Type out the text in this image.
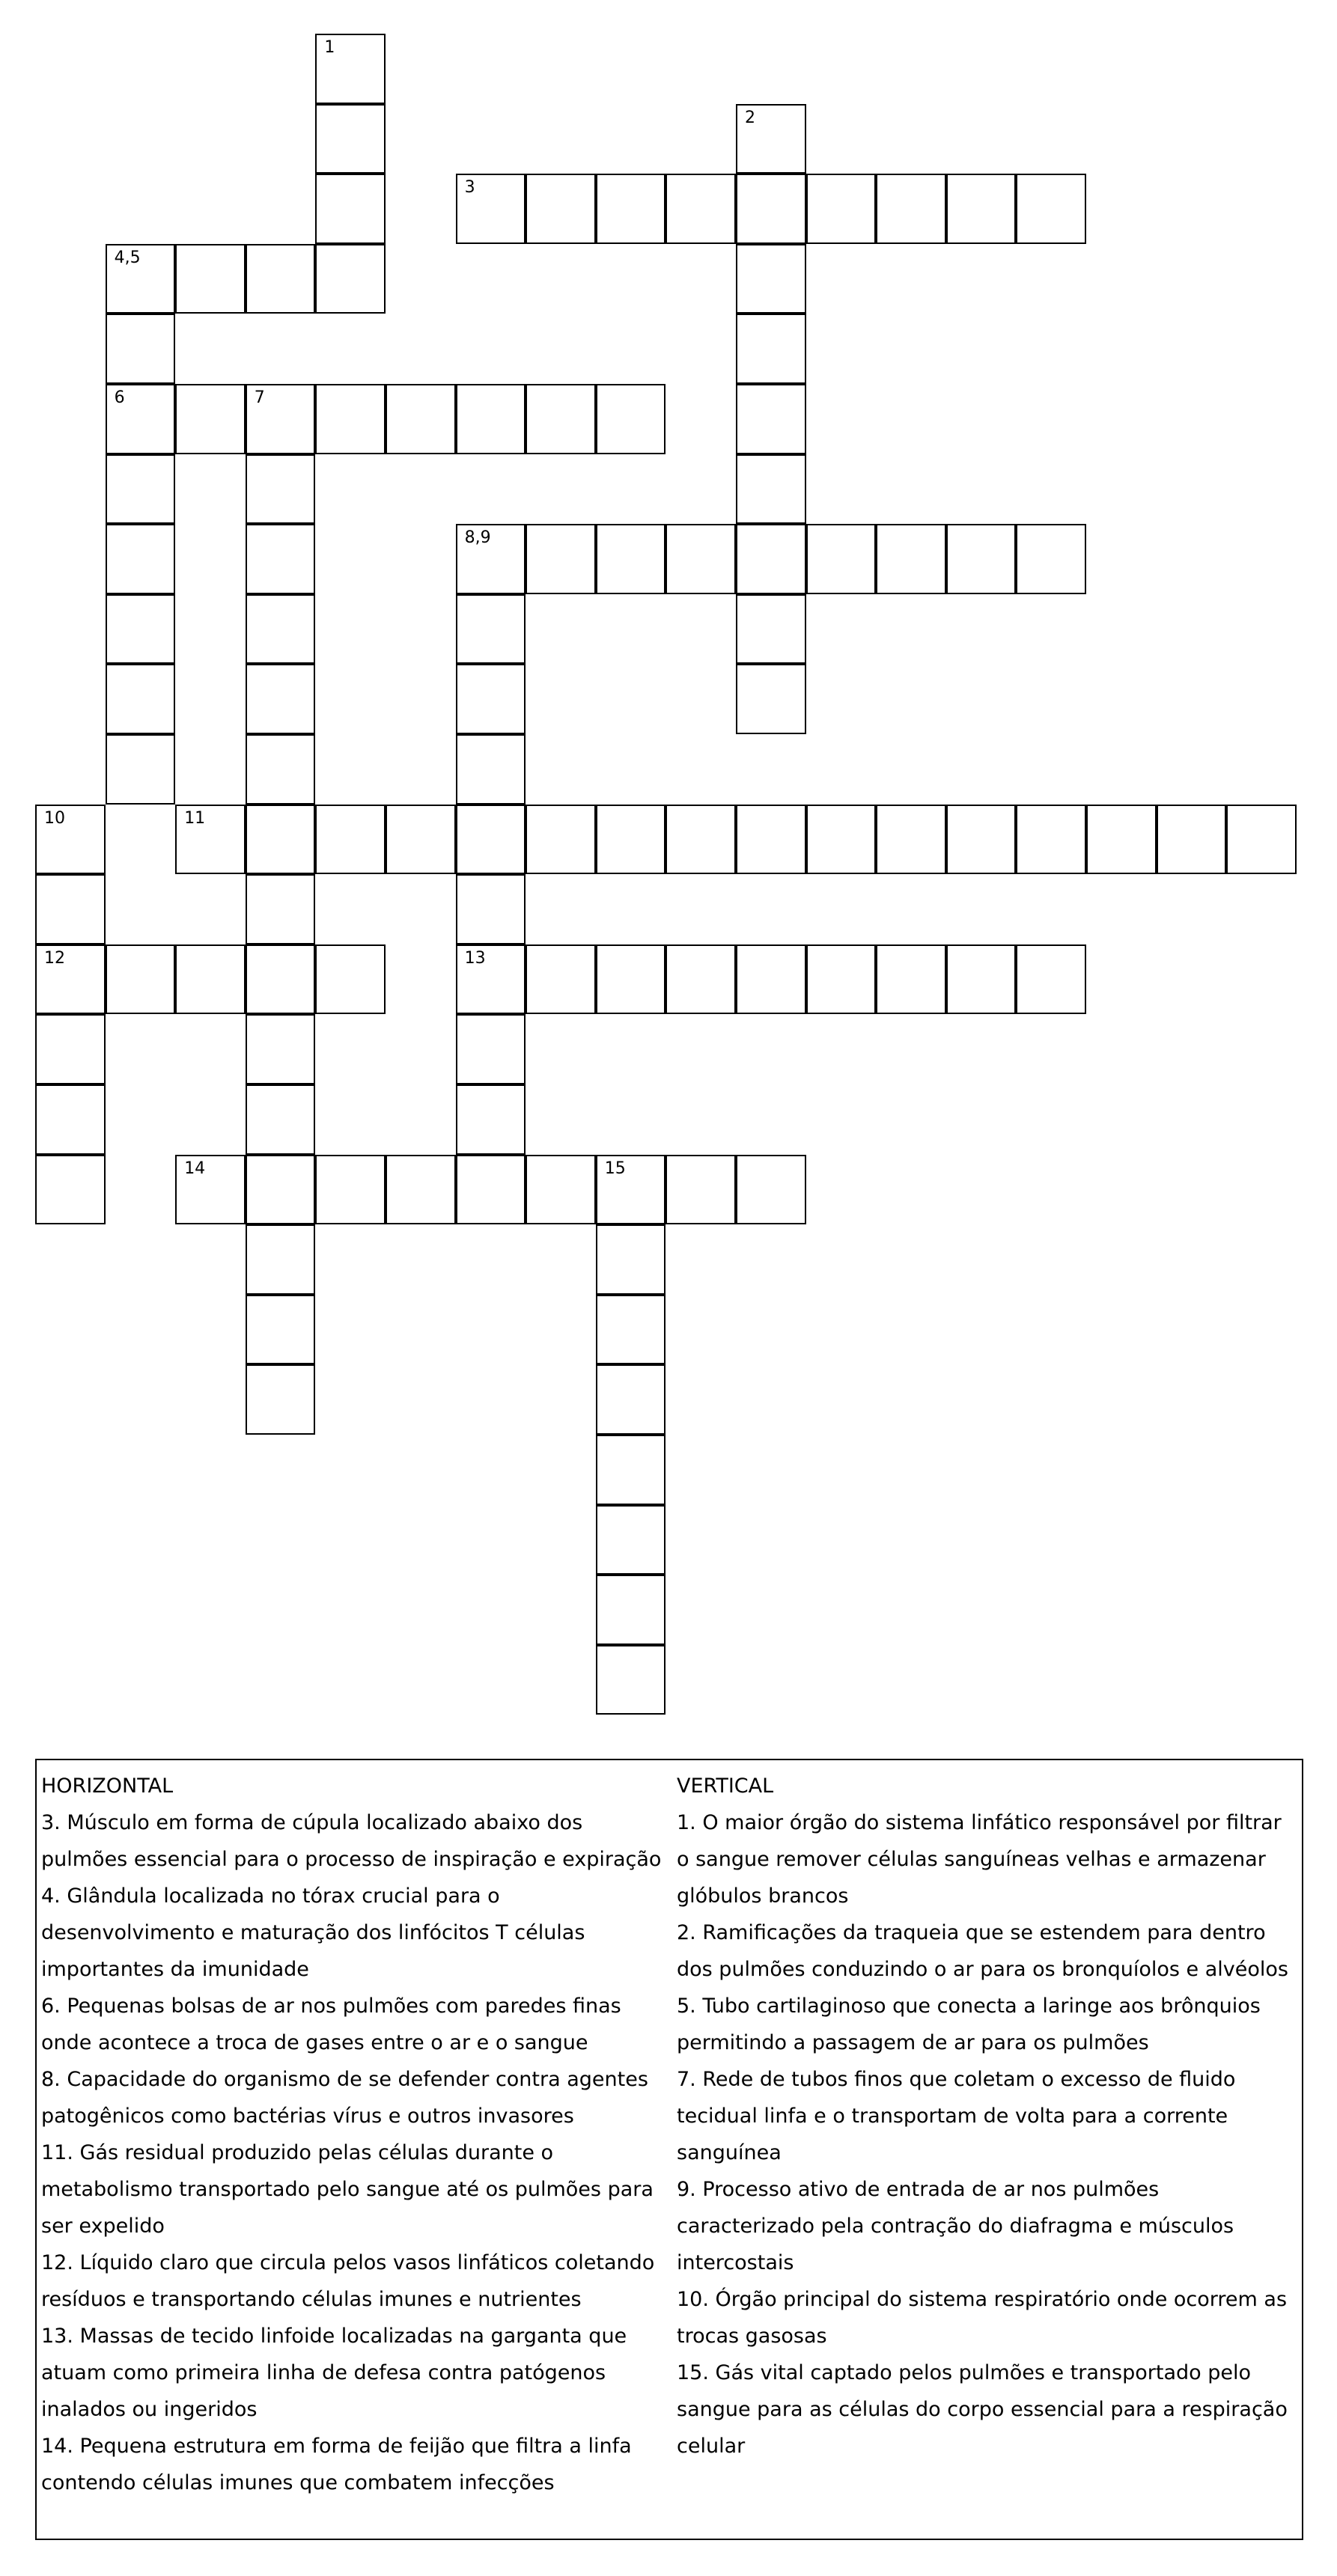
1
2
3
4,5
6	7
8,9
10	11
12	13
14	15
HORIZONTAL
3. Músculo em forma de cúpula localizado abaixo dos pulmões essencial para o processo de inspiração e expiração
4. Glândula localizada no tórax crucial para o desenvolvimento e maturação dos linfócitos T células importantes da imunidade
6. Pequenas bolsas de ar nos pulmões com paredes finas onde acontece a troca de gases entre o ar e o sangue
8. Capacidade do organismo de se defender contra agentes patogênicos como bactérias vírus e outros invasores
11. Gás residual produzido pelas células durante o metabolismo transportado pelo sangue até os pulmões para ser expelido
12. Líquido claro que circula pelos vasos linfáticos coletando resíduos e transportando células imunes e nutrientes
13. Massas de tecido linfoide localizadas na garganta que atuam como primeira linha de defesa contra patógenos inalados ou ingeridos
14. Pequena estrutura em forma de feijão que filtra a linfa contendo células imunes que combatem infecções
VERTICAL
1. O maior órgão do sistema linfático responsável por filtrar o sangue remover células sanguíneas velhas e armazenar glóbulos brancos
2. Ramificações da traqueia que se estendem para dentro dos pulmões conduzindo o ar para os bronquíolos e alvéolos
5. Tubo cartilaginoso que conecta a laringe aos brônquios permitindo a passagem de ar para os pulmões
7. Rede de tubos finos que coletam o excesso de fluido tecidual linfa e o transportam de volta para a corrente sanguínea
9. Processo ativo de entrada de ar nos pulmões caracterizado pela contração do diafragma e músculos intercostais
10. Órgão principal do sistema respiratório onde ocorrem as trocas gasosas
15. Gás vital captado pelos pulmões e transportado pelo sangue para as células do corpo essencial para a respiração celular
